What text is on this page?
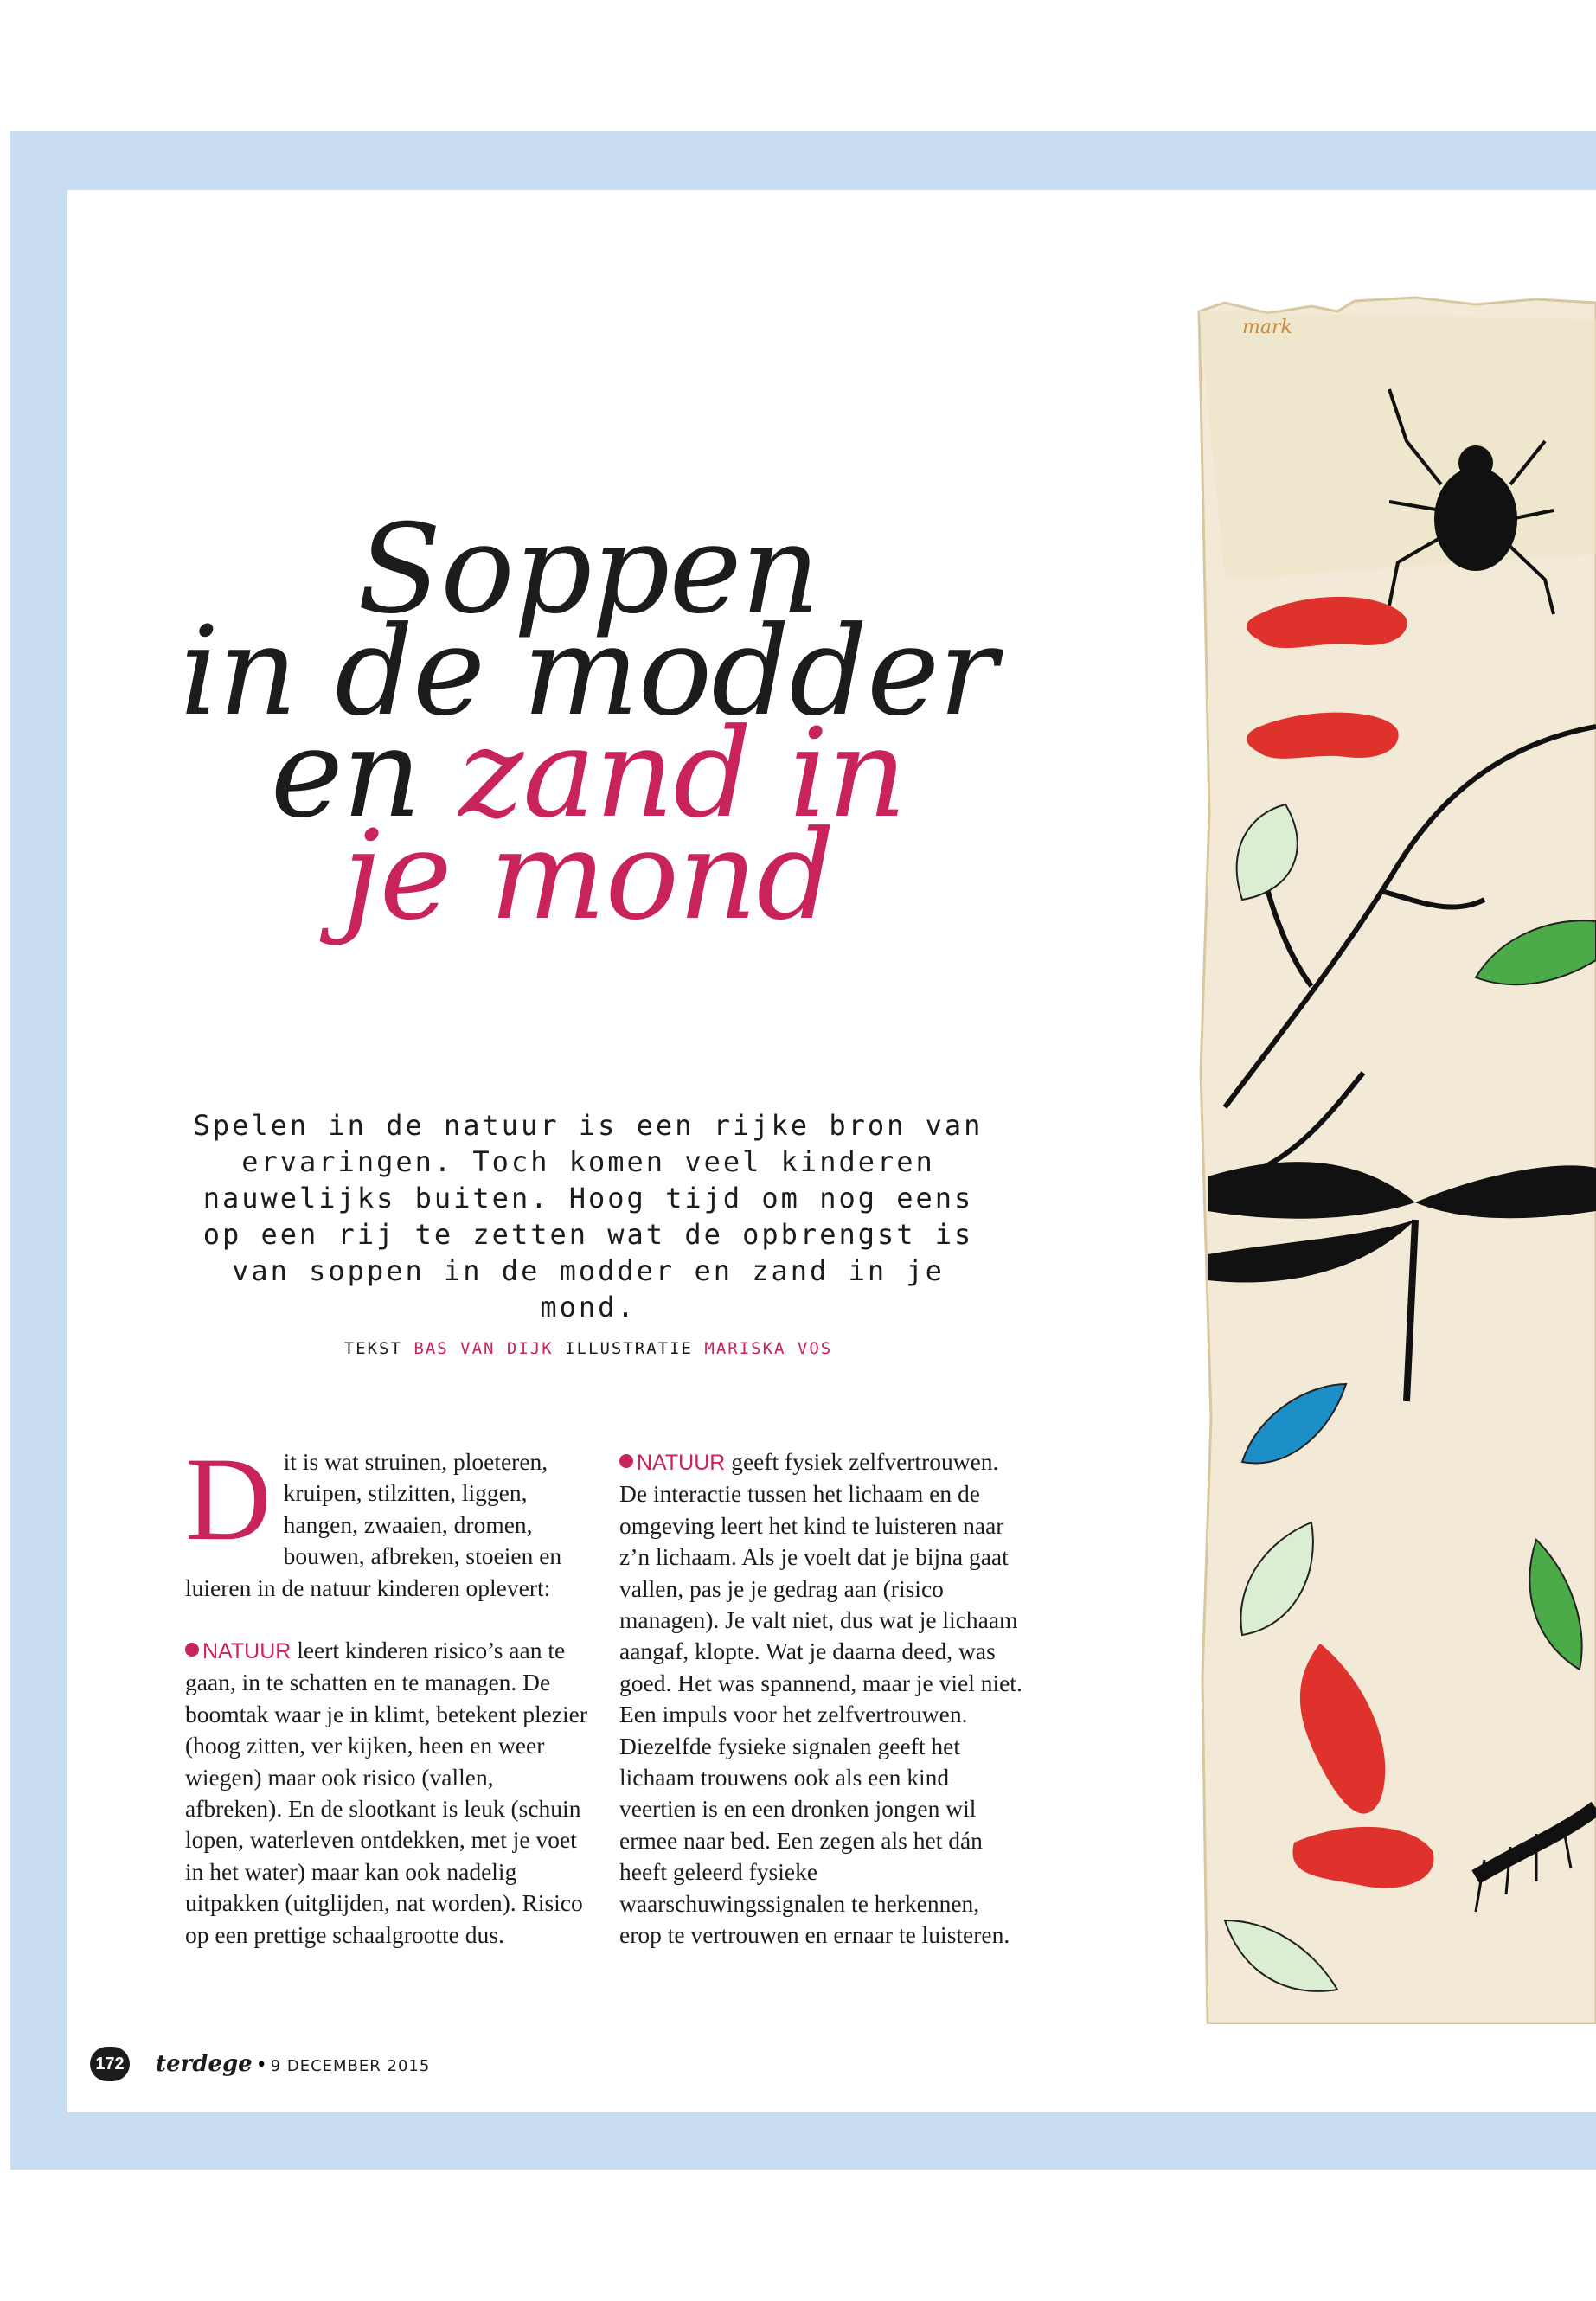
Soppen
in de modder
en zand in
je mond

Spelen in de natuur is een rijke bron van ervaringen. Toch komen veel kinderen nauwelijks buiten. Hoog tijd om nog eens op een rij te zetten wat de opbrengst is van soppen in de modder en zand in je mond.

TEKST BAS VAN DIJK ILLUSTRATIE MARISKA VOS

Dit is wat struinen, ploeteren, kruipen, stilzitten, liggen, hangen, zwaaien, dromen, bouwen, afbreken, stoeien en luieren in de natuur kinderen oplevert:

NATUUR leert kinderen risico’s aan te gaan, in te schatten en te managen. De boomtak waar je in klimt, betekent plezier (hoog zitten, ver kijken, heen en weer wiegen) maar ook risico (vallen, afbreken). En de slootkant is leuk (schuin lopen, waterleven ontdekken, met je voet in het water) maar kan ook nadelig uitpakken (uitglijden, nat worden). Risico op een prettige schaalgrootte dus.

NATUUR geeft fysiek zelfvertrouwen. De interactie tussen het lichaam en de omgeving leert het kind te luisteren naar z’n lichaam. Als je voelt dat je bijna gaat vallen, pas je je gedrag aan (risico managen). Je valt niet, dus wat je lichaam aangaf, klopte. Wat je daarna deed, was goed. Het was spannend, maar je viel niet. Een impuls voor het zelfvertrouwen.

Diezelfde fysieke signalen geeft het lichaam trouwens ook als een kind veertien is en een dronken jongen wil ermee naar bed. Een zegen als het dán heeft geleerd fysieke waarschuwingssignalen te herkennen, erop te vertrouwen en ernaar te luisteren.

172 terdege • 9 DECEMBER 2015
mark
